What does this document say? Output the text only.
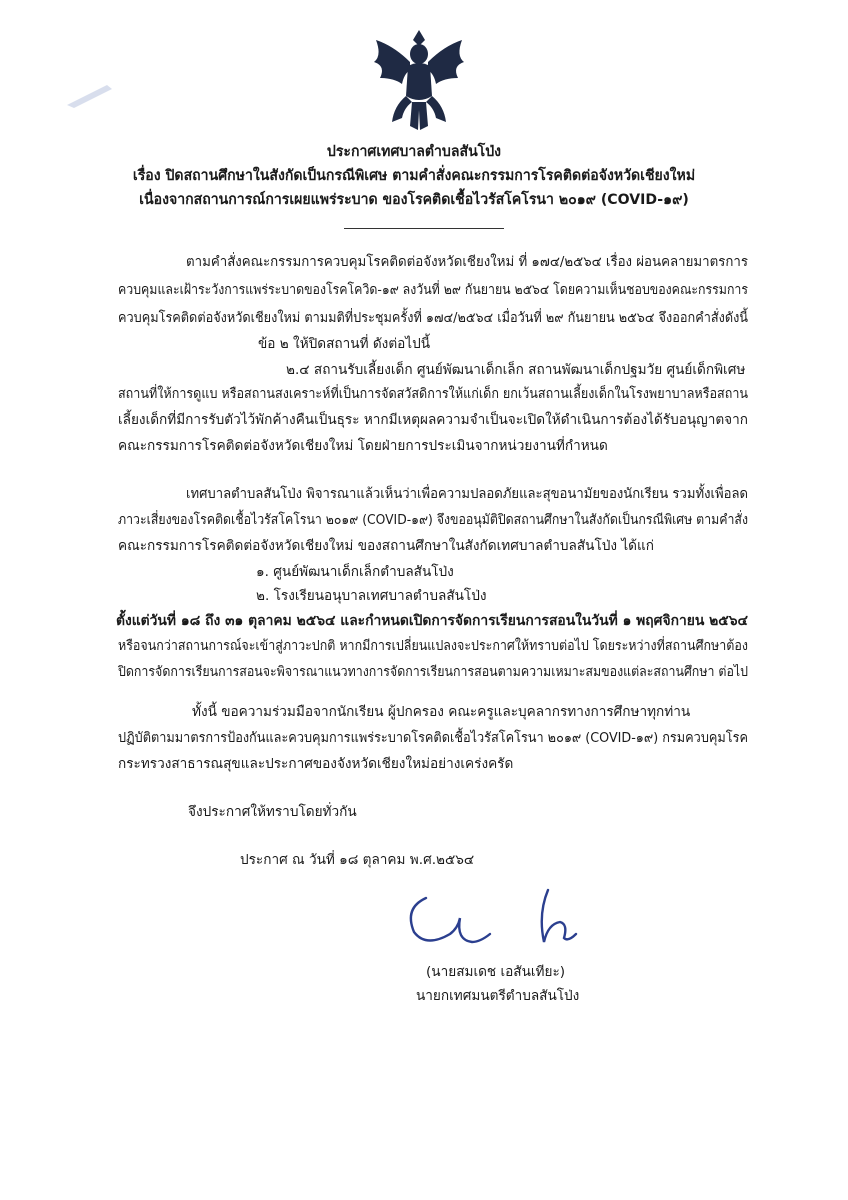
ประกาศเทศบาลตำบลสันโป่ง
เรื่อง ปิดสถานศึกษาในสังกัดเป็นกรณีพิเศษ ตามคำสั่งคณะกรรมการโรคติดต่อจังหวัดเชียงใหม่
เนื่องจากสถานการณ์การเผยแพร่ระบาด ของโรคติดเชื้อไวรัสโคโรนา ๒๐๑๙ (COVID-๑๙)
ตามคำสั่งคณะกรรมการควบคุมโรคติดต่อจังหวัดเชียงใหม่ ที่ ๑๗๔/๒๕๖๔ เรื่อง ผ่อนคลายมาตรการ
ควบคุมและเฝ้าระวังการแพร่ระบาดของโรคโควิด-๑๙ ลงวันที่ ๒๙ กันยายน ๒๕๖๔ โดยความเห็นชอบของคณะกรรมการ
ควบคุมโรคติดต่อจังหวัดเชียงใหม่ ตามมติที่ประชุมครั้งที่ ๑๗๔/๒๕๖๔ เมื่อวันที่ ๒๙ กันยายน ๒๕๖๔ จึงออกคำสั่งดังนี้
ข้อ ๒ ให้ปิดสถานที่ ดังต่อไปนี้
๒.๔ สถานรับเลี้ยงเด็ก ศูนย์พัฒนาเด็กเล็ก สถานพัฒนาเด็กปฐมวัย ศูนย์เด็กพิเศษ
สถานที่ให้การดูแบ หรือสถานสงเคราะห์ที่เป็นการจัดสวัสดิการให้แก่เด็ก ยกเว้นสถานเลี้ยงเด็กในโรงพยาบาลหรือสถาน
เลี้ยงเด็กที่มีการรับตัวไว้พักค้างคืนเป็นธุระ หากมีเหตุผลความจำเป็นจะเปิดให้ดำเนินการต้องได้รับอนุญาตจาก
คณะกรรมการโรคติดต่อจังหวัดเชียงใหม่ โดยฝ่ายการประเมินจากหน่วยงานที่กำหนด
เทศบาลตำบลสันโป่ง พิจารณาแล้วเห็นว่าเพื่อความปลอดภัยและสุขอนามัยของนักเรียน รวมทั้งเพื่อลด
ภาวะเสี่ยงของโรคติดเชื้อไวรัสโคโรนา ๒๐๑๙ (COVID-๑๙) จึงขออนุมัติปิดสถานศึกษาในสังกัดเป็นกรณีพิเศษ ตามคำสั่ง
คณะกรรมการโรคติดต่อจังหวัดเชียงใหม่ ของสถานศึกษาในสังกัดเทศบาลตำบลสันโป่ง ได้แก่
๑. ศูนย์พัฒนาเด็กเล็กตำบลสันโป่ง
๒. โรงเรียนอนุบาลเทศบาลตำบลสันโป่ง
ตั้งแต่วันที่ ๑๘ ถึง ๓๑ ตุลาคม ๒๕๖๔ และกำหนดเปิดการจัดการเรียนการสอนในวันที่ ๑ พฤศจิกายน ๒๕๖๔
หรือจนกว่าสถานการณ์จะเข้าสู่ภาวะปกติ หากมีการเปลี่ยนแปลงจะประกาศให้ทราบต่อไป โดยระหว่างที่สถานศึกษาต้อง
ปิดการจัดการเรียนการสอนจะพิจารณาแนวทางการจัดการเรียนการสอนตามความเหมาะสมของแต่ละสถานศึกษา ต่อไป
ทั้งนี้ ขอความร่วมมือจากนักเรียน ผู้ปกครอง คณะครูและบุคลากรทางการศึกษาทุกท่าน
ปฏิบัติตามมาตรการป้องกันและควบคุมการแพร่ระบาดโรคติดเชื้อไวรัสโคโรนา ๒๐๑๙ (COVID-๑๙) กรมควบคุมโรค
กระทรวงสาธารณสุขและประกาศของจังหวัดเชียงใหม่อย่างเคร่งครัด
จึงประกาศให้ทราบโดยทั่วกัน
ประกาศ ณ วันที่ ๑๘ ตุลาคม พ.ศ.๒๕๖๔
(นายสมเดช เอสันเทียะ)
นายกเทศมนตรีตำบลสันโป่ง
